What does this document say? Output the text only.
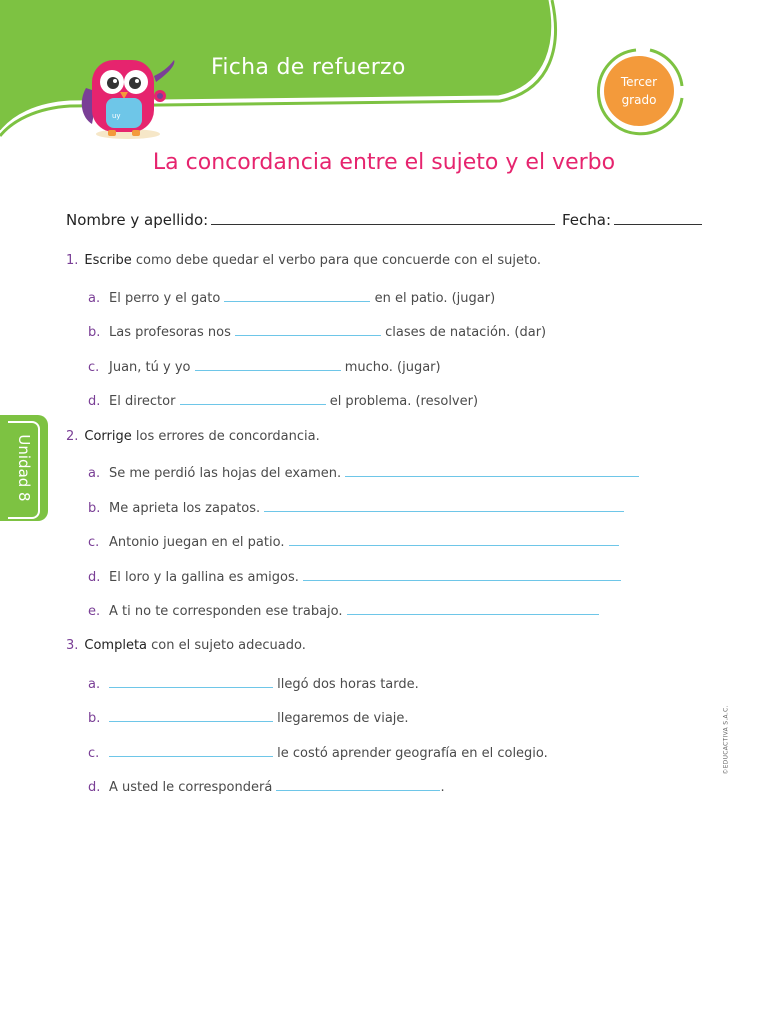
uy
Ficha de refuerzo
Tercer
grado
La concordancia entre el sujeto y el verbo
Unidad 8
Nombre y apellido:	Fecha:
1. Escribe como debe quedar el verbo para que concuerde con el sujeto.
a. El perro y el gato	en el patio. (jugar)
b. Las profesoras nos	clases de natación. (dar)
c. Juan, tú y yo	mucho. (jugar)
d. El director	el problema. (resolver)
2. Corrige los errores de concordancia.
a. Se me perdió las hojas del examen.
b. Me aprieta los zapatos.
c. Antonio juegan en el patio.
d. El loro y la gallina es amigos.
e. A ti no te corresponden ese trabajo.
3. Completa con el sujeto adecuado.
a.	llegó dos horas tarde.
b.	llegaremos de viaje.
c.	le costó aprender geografía en el colegio.
d. A usted le corresponderá	.
©EDUCACTIVA S.A.C.
